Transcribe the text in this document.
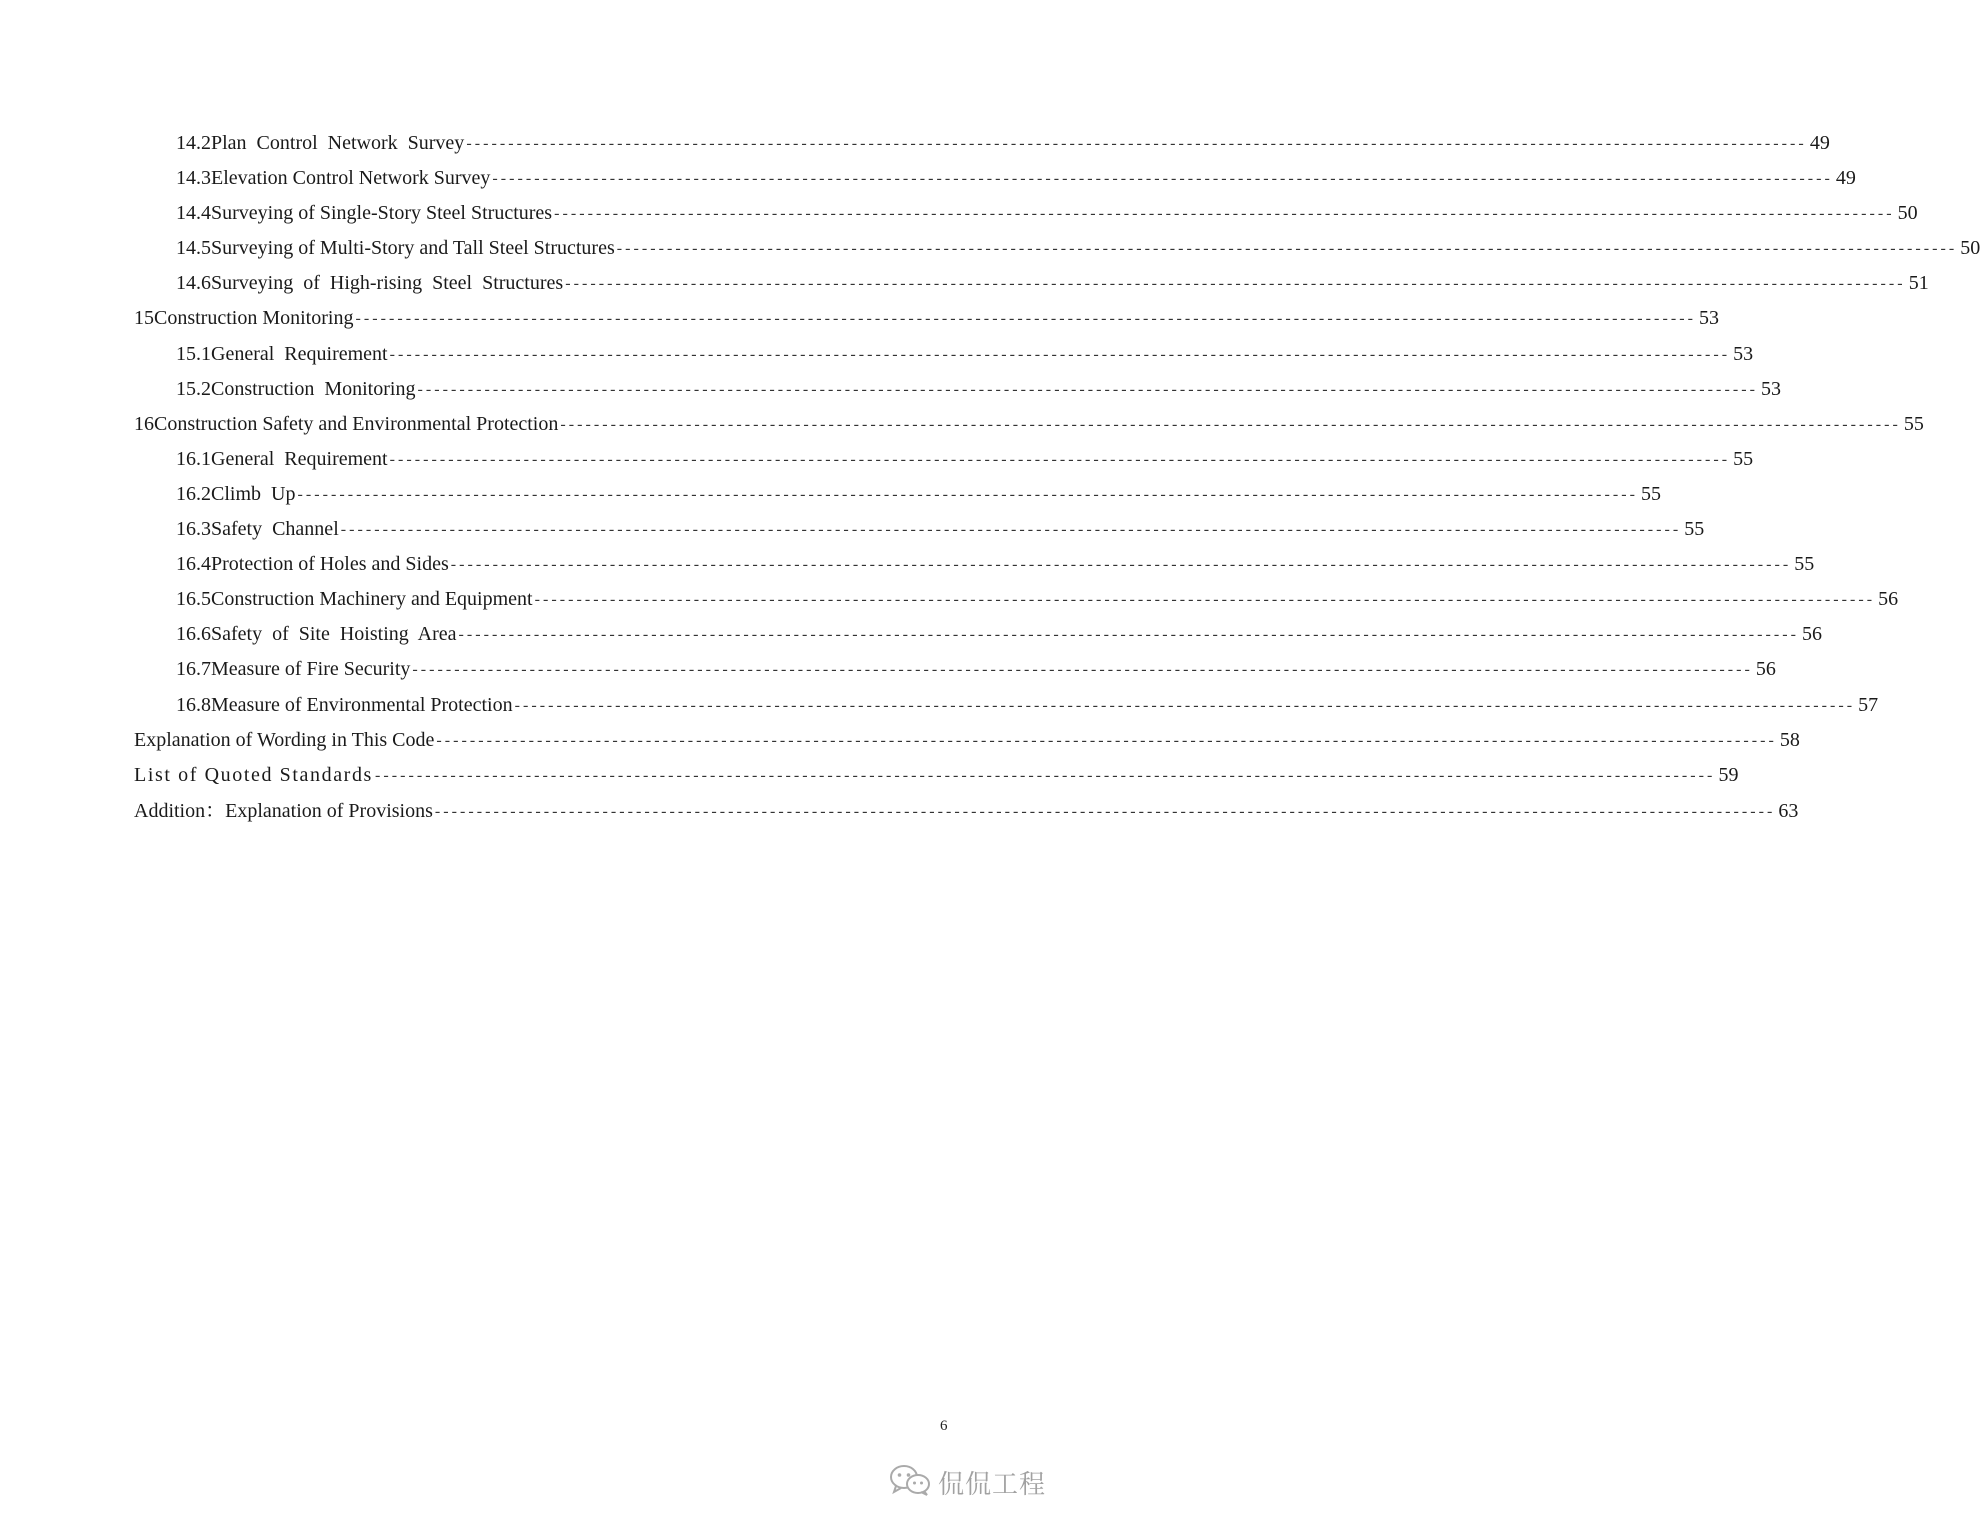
14.2 Plan Control Network Survey ---------------------------------------------------------------------------------------------------------------------------------------------------------------- 49
14.3 Elevation Control Network Survey ---------------------------------------------------------------------------------------------------------------------------------------------------------------- 49
14.4 Surveying of Single-Story Steel Structures ---------------------------------------------------------------------------------------------------------------------------------------------------------------- 50
14.5 Surveying of Multi-Story and Tall Steel Structures ---------------------------------------------------------------------------------------------------------------------------------------------------------------- 50
14.6 Surveying of High-rising Steel Structures ---------------------------------------------------------------------------------------------------------------------------------------------------------------- 51
15 Construction Monitoring ---------------------------------------------------------------------------------------------------------------------------------------------------------------- 53
15.1 General Requirement ---------------------------------------------------------------------------------------------------------------------------------------------------------------- 53
15.2 Construction Monitoring ---------------------------------------------------------------------------------------------------------------------------------------------------------------- 53
16 Construction Safety and Environmental Protection ---------------------------------------------------------------------------------------------------------------------------------------------------------------- 55
16.1 General Requirement ---------------------------------------------------------------------------------------------------------------------------------------------------------------- 55
16.2 Climb Up ---------------------------------------------------------------------------------------------------------------------------------------------------------------- 55
16.3 Safety Channel ---------------------------------------------------------------------------------------------------------------------------------------------------------------- 55
16.4 Protection of Holes and Sides ---------------------------------------------------------------------------------------------------------------------------------------------------------------- 55
16.5 Construction Machinery and Equipment ---------------------------------------------------------------------------------------------------------------------------------------------------------------- 56
16.6 Safety of Site Hoisting Area ---------------------------------------------------------------------------------------------------------------------------------------------------------------- 56
16.7 Measure of Fire Security ---------------------------------------------------------------------------------------------------------------------------------------------------------------- 56
16.8 Measure of Environmental Protection ---------------------------------------------------------------------------------------------------------------------------------------------------------------- 57
Explanation of Wording in This Code ---------------------------------------------------------------------------------------------------------------------------------------------------------------- 58
List of Quoted Standards ---------------------------------------------------------------------------------------------------------------------------------------------------------------- 59
Addition：Explanation of Provisions ---------------------------------------------------------------------------------------------------------------------------------------------------------------- 63
6
侃侃工程
